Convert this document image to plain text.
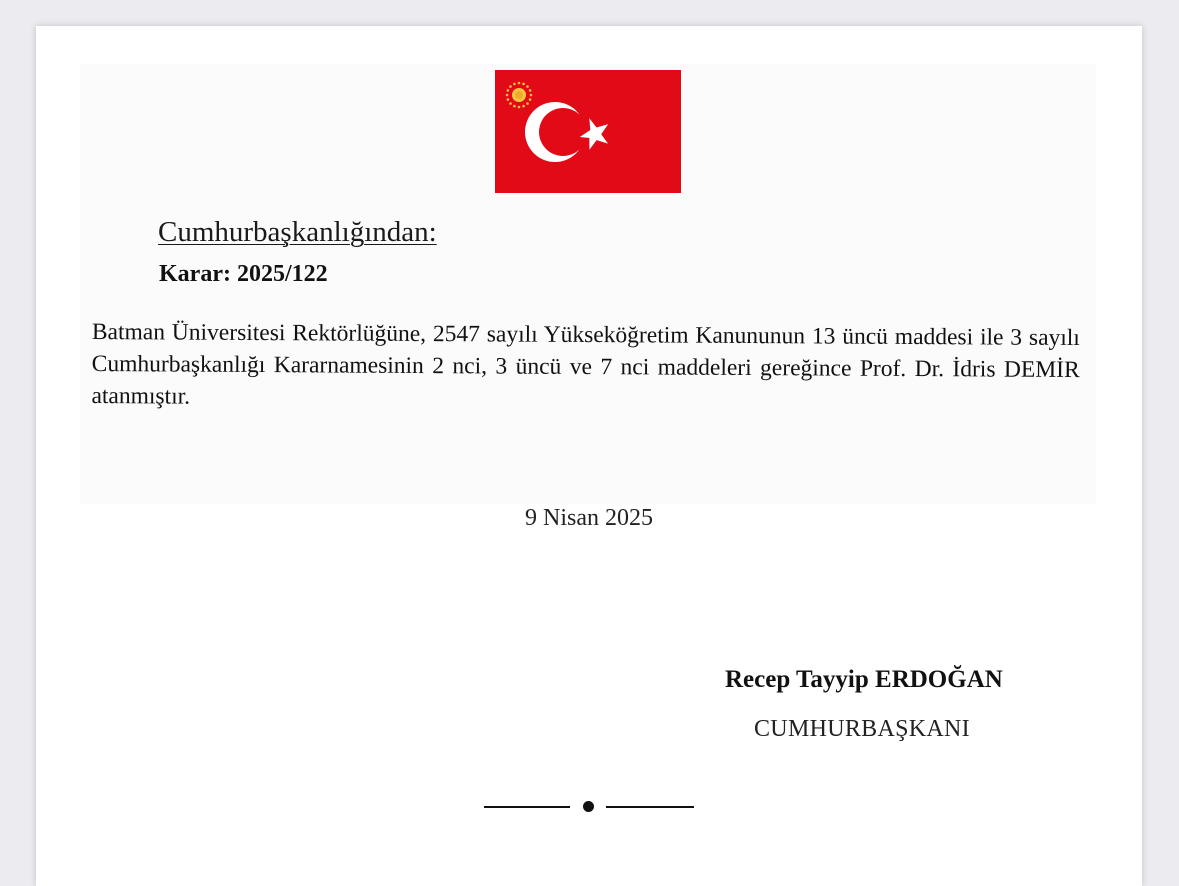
Cumhurbaşkanlığından:
Karar: 2025/122
Batman Üniversitesi Rektörlüğüne, 2547 sayılı Yükseköğretim Kanununun 13 üncü maddesi ile 3 sayılı Cumhurbaşkanlığı Kararnamesinin 2 nci, 3 üncü ve 7 nci maddeleri gereğince Prof. Dr. İdris DEMİR atanmıştır.
9 Nisan 2025
Recep Tayyip ERDOĞAN
CUMHURBAŞKANI
